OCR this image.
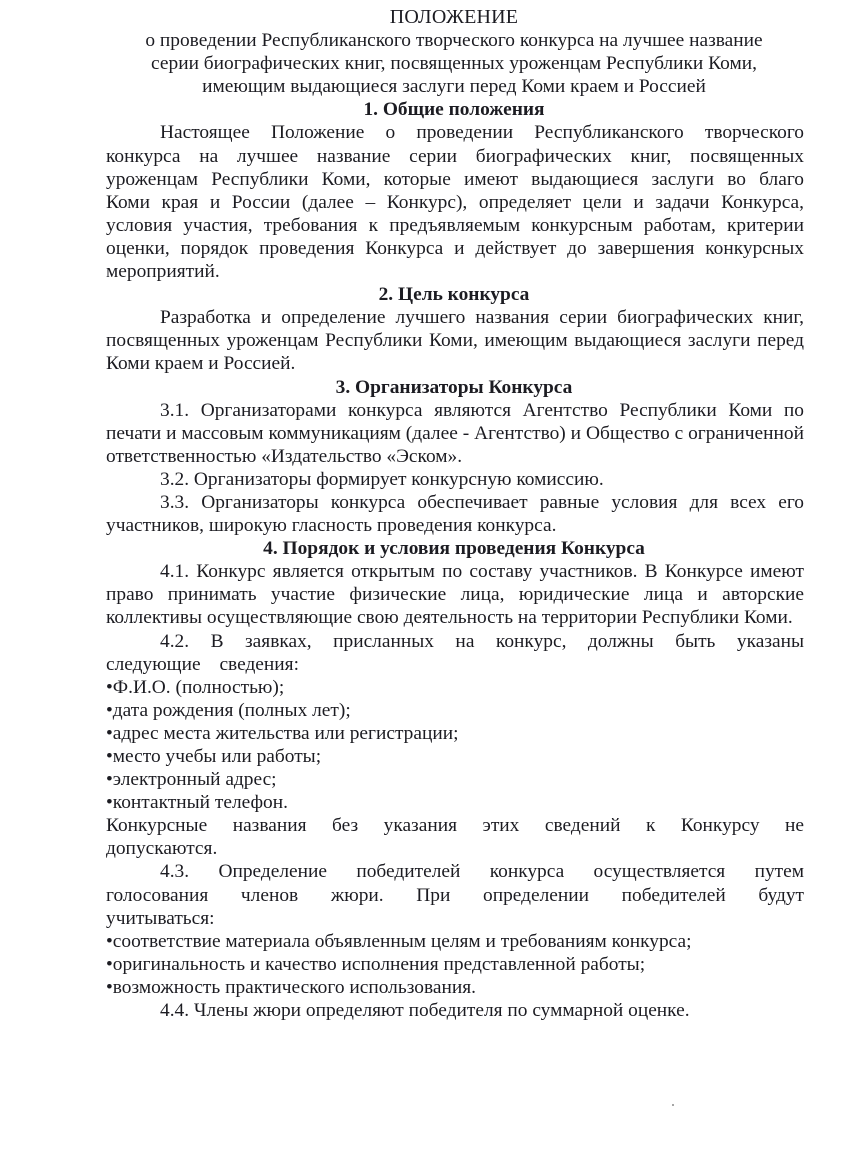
ПОЛОЖЕНИЕ
о проведении Республиканского творческого конкурса на лучшее название
серии биографических книг, посвященных уроженцам Республики Коми,
имеющим выдающиеся заслуги перед Коми краем и Россией
1. Общие положения
Настоящее Положение о проведении Республиканского творческого конкурса на лучшее название серии биографических книг, посвященных уроженцам Республики Коми, которые имеют выдающиеся заслуги во благо Коми края и России (далее – Конкурс), определяет цели и задачи Конкурса, условия участия, требования к предъявляемым конкурсным работам, критерии оценки, порядок проведения Конкурса и действует до завершения конкурсных мероприятий.
2. Цель конкурса
Разработка и определение лучшего названия серии биографических книг, посвященных уроженцам Республики Коми, имеющим выдающиеся заслуги перед Коми краем и Россией.
3. Организаторы Конкурса
3.1. Организаторами конкурса являются Агентство Республики Коми по печати и массовым коммуникациям (далее - Агентство) и Общество с ограниченной ответственностью «Издательство «Эском».
3.2. Организаторы формирует конкурсную комиссию.
3.3. Организаторы конкурса обеспечивает равные условия для всех его участников, широкую гласность проведения конкурса.
4. Порядок и условия проведения Конкурса
4.1. Конкурс является открытым по составу участников. В Конкурсе имеют право принимать участие физические лица, юридические лица и авторские коллективы осуществляющие свою деятельность на территории Республики Коми.
4.2. В заявках, присланных на конкурс, должны быть указаны следующие сведения:
•Ф.И.О. (полностью);
•дата рождения (полных лет);
•адрес места жительства или регистрации;
•место учебы или работы;
•электронный адрес;
•контактный телефон.
Конкурсные названия без указания этих сведений к Конкурсу не допускаются.
4.3. Определение победителей конкурса осуществляется путем голосования членов жюри. При определении победителей будут учитываться:
•соответствие материала объявленным целям и требованиям конкурса;
•оригинальность и качество исполнения представленной работы;
•возможность практического использования.
4.4. Члены жюри определяют победителя по суммарной оценке.
